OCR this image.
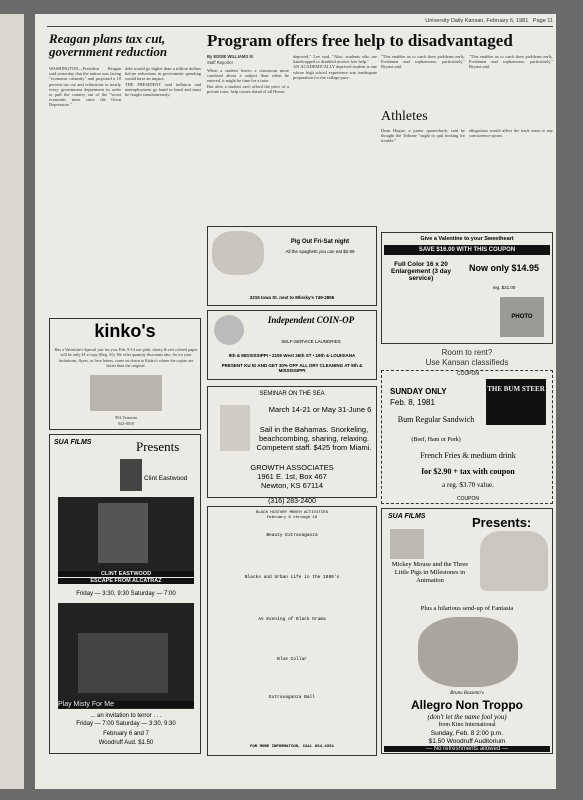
University Daily Kansan, February 6, 1981 Page 11
Reagan plans tax cut, government reduction
WASHINGTON—President Reagan said yesterday that the nation was facing "economic calamity" and proposed a 10 percent tax cut and reductions in nearly every government department in order to pull the country out of the "worst economic mess since the Great Depression."
debt would go higher than a trillion dollars before reductions in government spending would have an impact.
THE PRESIDENT said inflation and unemployment go hand in hand and must be fought simultaneously.
Program offers free help to disadvantaged
By EDDIE WILLIAMS III
Staff Reporter
When a student leaves a classroom more confused about a subject than when he entered, it might be time for a tutor.
But after a student can't afford the price of a private tutor, help comes ahead of all Honor.
deprived," Lee said. "Also, students who are handicapped or disabled receive free help."
AN ACADEMICALLY deprived student is one whose high school experience was inadequate preparation for the college pace.
"This enables us to catch their problems early. Freshmen and sophomores, particularly," Bryant said.
"This enables us to catch their problems early. Freshmen and sophomores, particularly," Bryant said.
Athletes
Dean Hogue, a junior quarterback, said he thought the Tribune "ought to quit looking for trouble."
allegations would affect the track team or any concurrence sports.
Pig Out Fri-Sat night
All the spaghetti you can eat $2.99
2215 Iowa St. next to Mlosky's 749-2855
Independent COIN-OP
SELF-SERVICE LAUNDRIES
9th & MISSISSIPPI • 2105 West 26th ST • 19th & LOUISIANA
PRESENT KU ID AND GET 30% OFF ALL DRY CLEANING AT 9th & MISSISSIPPI
Give a Valentine to your Sweetheart
SAVE $16.00 WITH THIS COUPON
Full Color 16 x 20 Enlargement (3 day service)
Now only $14.95
reg. $31.00
PHOTO
Room to rent?
Use Kansan classifieds
kinko's
Has a Valentine's Special just for you, Feb. 9-14 our pink, cherry & red colored paper will be only 4¢ a copy (Reg. 5¢). We offer quantity discounts also. So for your invitations, flyers, or love letters, come on down to Kinko's where the copies are better than the original.
904 Vermont
843-8019
SUA FILMS	Presents
Clint Eastwood
CLINT EASTWOOD
ESCAPE FROM ALCATRAZ
Friday — 3:30, 9:30 Saturday — 7:00
Play Misty For Me
... an invitation to terror . . .
Friday — 7:00 Saturday — 3:30, 9:30
February 6 and 7
Woodruff Aud. $1.50
SEMINAR ON THE SEA
March 14-21 or May 31-June 6
Sail in the Bahamas. Snorkeling, beachcombing, sharing, relaxing. Competent staff. $425 from Miami.
GROWTH ASSOCIATES
1961 E. 1st, Box 467
Newton, KS 67114
(316) 283-2400
BLACK HISTORY MONTH ACTIVITIES
February 6 through 18
Beauty Extravaganza
Blacks and Urban Life in the 1980's
An Evening of Black Drama
Blue Collar
Extravaganza Ball
FOR MORE INFORMATION, CALL 864-4351
COUPON
SUNDAY ONLY
Feb. 8, 1981
THE BUM STEER
Bum Regular Sandwich
(Beef, Ham or Pork)
French Fries & medium drink
for $2.90 + tax with coupon
a reg. $3.70 value.
COUPON
SUA FILMS	Presents:
Mickey Mouse and the Three Little Pigs in Milestones in Animation
Plus a hilarious send-up of Fantasia
Bruno Bozzetto's
Allegro Non Troppo
(don't let the name fool you)
from Kino International
Sunday, Feb. 8 2:00 p.m.
$1.50 Woodruff Auditorium
— No refreshments allowed —
